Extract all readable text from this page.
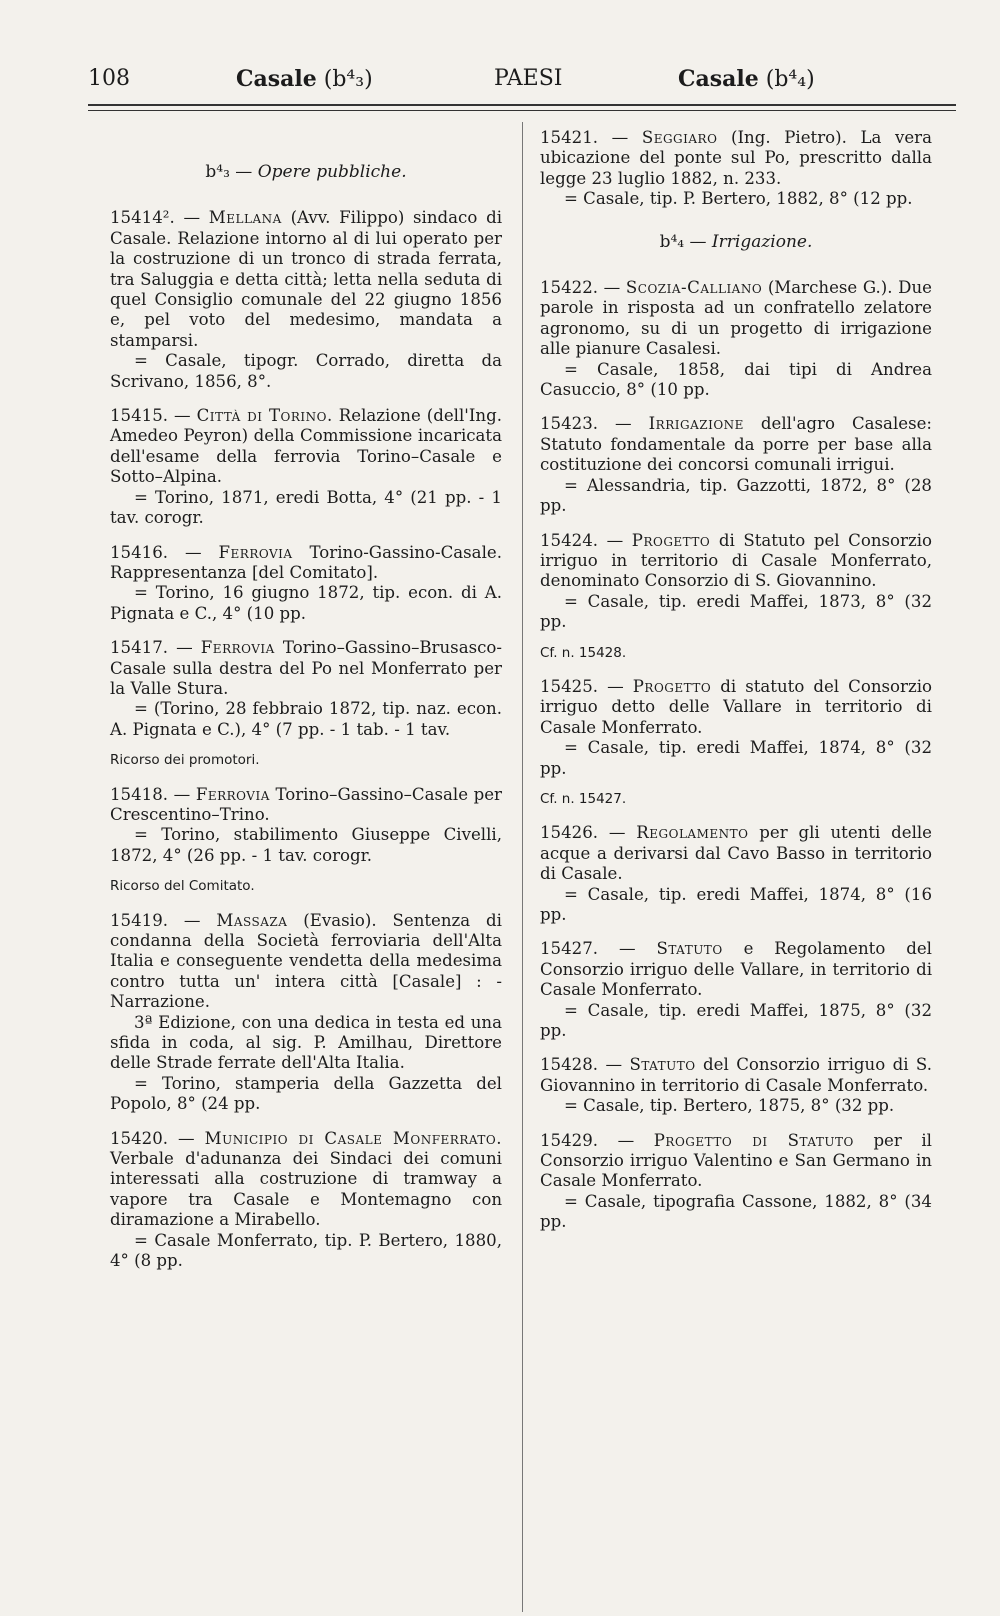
108	Casale (b⁴₃)	PAESI	Casale (b⁴₄)
b⁴₃ — Opere pubbliche.

15414². — Mellana (Avv. Filippo) sindaco di Casale. Relazione intorno al di lui operato per la costruzione di un tronco di strada ferrata, tra Saluggia e detta città; letta nella seduta di quel Consiglio comunale del 22 giugno 1856 e, pel voto del medesimo, mandata a stamparsi.

= Casale, tipogr. Corrado, diretta da Scrivano, 1856, 8°.

15415. — Città di Torino. Relazione (dell'Ing. Amedeo Peyron) della Commissione incaricata dell'esame della ferrovia Torino–Casale e Sotto–Alpina.

= Torino, 1871, eredi Botta, 4° (21 pp. - 1 tav. corogr.

15416. — Ferrovia Torino-Gassino-Casale. Rappresentanza [del Comitato].

= Torino, 16 giugno 1872, tip. econ. di A. Pignata e C., 4° (10 pp.

15417. — Ferrovia Torino–Gassino–Brusasco-Casale sulla destra del Po nel Monferrato per la Valle Stura.

= (Torino, 28 febbraio 1872, tip. naz. econ. A. Pignata e C.), 4° (7 pp. - 1 tab. - 1 tav.

Ricorso dei promotori.

15418. — Ferrovia Torino–Gassino–Casale per Crescentino–Trino.

= Torino, stabilimento Giuseppe Civelli, 1872, 4° (26 pp. - 1 tav. corogr.

Ricorso del Comitato.

15419. — Massaza (Evasio). Sentenza di condanna della Società ferroviaria dell'Alta Italia e conseguente vendetta della medesima contro tutta un' intera città [Casale] : - Narrazione.

3ª Edizione, con una dedica in testa ed una sfida in coda, al sig. P. Amilhau, Direttore delle Strade ferrate dell'Alta Italia.

= Torino, stamperia della Gazzetta del Popolo, 8° (24 pp.

15420. — Municipio di Casale Monferrato. Verbale d'adunanza dei Sindaci dei comuni interessati alla costruzione di tramway a vapore tra Casale e Montemagno con diramazione a Mirabello.

= Casale Monferrato, tip. P. Bertero, 1880, 4° (8 pp.

15421. — Seggiaro (Ing. Pietro). La vera ubicazione del ponte sul Po, prescritto dalla legge 23 luglio 1882, n. 233.

= Casale, tip. P. Bertero, 1882, 8° (12 pp.

b⁴₄ — Irrigazione.

15422. — Scozia-Calliano (Marchese G.). Due parole in risposta ad un confratello zelatore agronomo, su di un progetto di irrigazione alle pianure Casalesi.

= Casale, 1858, dai tipi di Andrea Casuccio, 8° (10 pp.

15423. — Irrigazione dell'agro Casalese: Statuto fondamentale da porre per base alla costituzione dei concorsi comunali irrigui.

= Alessandria, tip. Gazzotti, 1872, 8° (28 pp.

15424. — Progetto di Statuto pel Consorzio irriguo in territorio di Casale Monferrato, denominato Consorzio di S. Giovannino.

= Casale, tip. eredi Maffei, 1873, 8° (32 pp.

Cf. n. 15428.

15425. — Progetto di statuto del Consorzio irriguo detto delle Vallare in territorio di Casale Monferrato.

= Casale, tip. eredi Maffei, 1874, 8° (32 pp.

Cf. n. 15427.

15426. — Regolamento per gli utenti delle acque a derivarsi dal Cavo Basso in territorio di Casale.

= Casale, tip. eredi Maffei, 1874, 8° (16 pp.

15427. — Statuto e Regolamento del Consorzio irriguo delle Vallare, in territorio di Casale Monferrato.

= Casale, tip. eredi Maffei, 1875, 8° (32 pp.

15428. — Statuto del Consorzio irriguo di S. Giovannino in territorio di Casale Monferrato.

= Casale, tip. Bertero, 1875, 8° (32 pp.

15429. — Progetto di Statuto per il Consorzio irriguo Valentino e San Germano in Casale Monferrato.

= Casale, tipografia Cassone, 1882, 8° (34 pp.
